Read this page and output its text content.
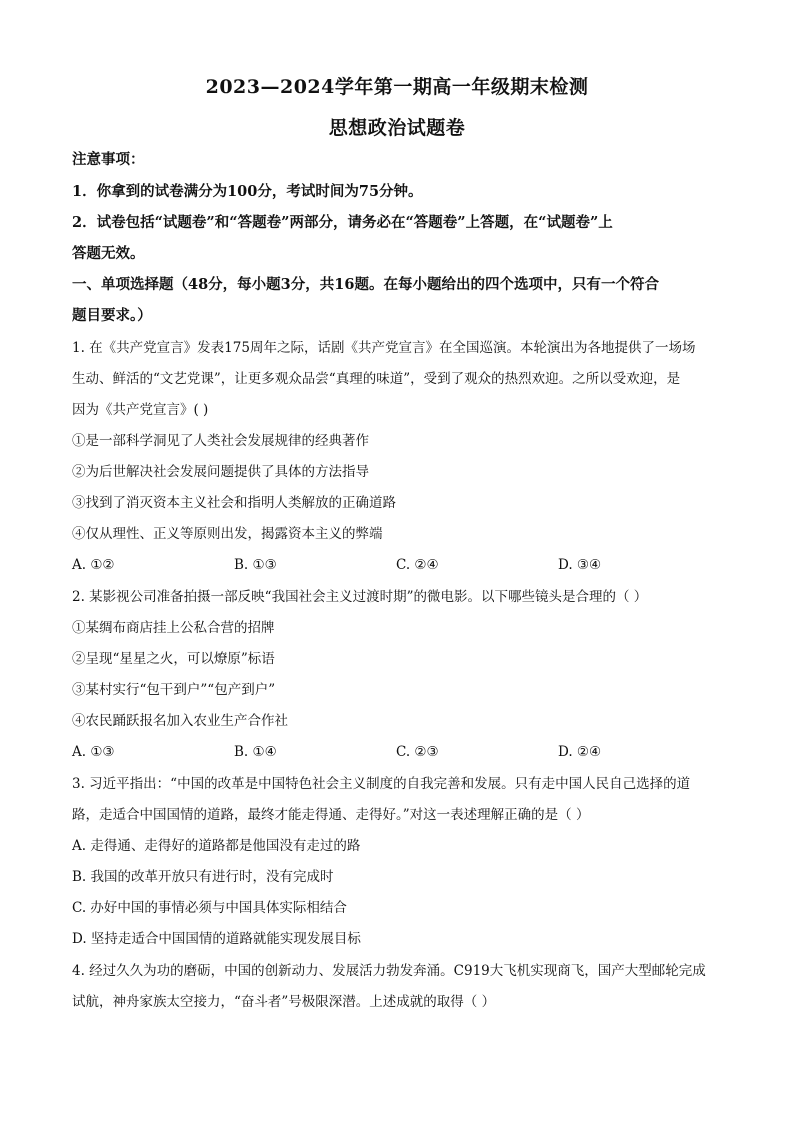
2023—2024学年第一期高一年级期末检测
思想政治试题卷
注意事项：
1．你拿到的试卷满分为100分，考试时间为75分钟。
2．试卷包括“试题卷”和“答题卷”两部分，请务必在“答题卷”上答题，在“试题卷”上
答题无效。
一、单项选择题（48分，每小题3分，共16题。在每小题给出的四个选项中，只有一个符合
题目要求。）
1. 在《共产党宣言》发表175周年之际，话剧《共产党宣言》在全国巡演。本轮演出为各地提供了一场场
生动、鲜活的“文艺党课”，让更多观众品尝“真理的味道”，受到了观众的热烈欢迎。之所以受欢迎，是
因为《共产党宣言》( )
①是一部科学洞见了人类社会发展规律的经典著作
②为后世解决社会发展问题提供了具体的方法指导
③找到了消灭资本主义社会和指明人类解放的正确道路
④仅从理性、正义等原则出发，揭露资本主义的弊端
A. ①②	B. ①③	C. ②④	D. ③④
2. 某影视公司准备拍摄一部反映“我国社会主义过渡时期”的微电影。以下哪些镜头是合理的（ ）
①某绸布商店挂上公私合营的招牌
②呈现“星星之火，可以燎原”标语
③某村实行“包干到户”“包产到户”
④农民踊跃报名加入农业生产合作社
A. ①③	B. ①④	C. ②③	D. ②④
3. 习近平指出：“中国的改革是中国特色社会主义制度的自我完善和发展。只有走中国人民自己选择的道
路，走适合中国国情的道路，最终才能走得通、走得好。”对这一表述理解正确的是（ ）
A. 走得通、走得好的道路都是他国没有走过的路
B. 我国的改革开放只有进行时，没有完成时
C. 办好中国的事情必须与中国具体实际相结合
D. 坚持走适合中国国情的道路就能实现发展目标
4. 经过久久为功的磨砺，中国的创新动力、发展活力勃发奔涌。C919大飞机实现商飞，国产大型邮轮完成
试航，神舟家族太空接力，“奋斗者”号极限深潜。上述成就的取得（ ）
